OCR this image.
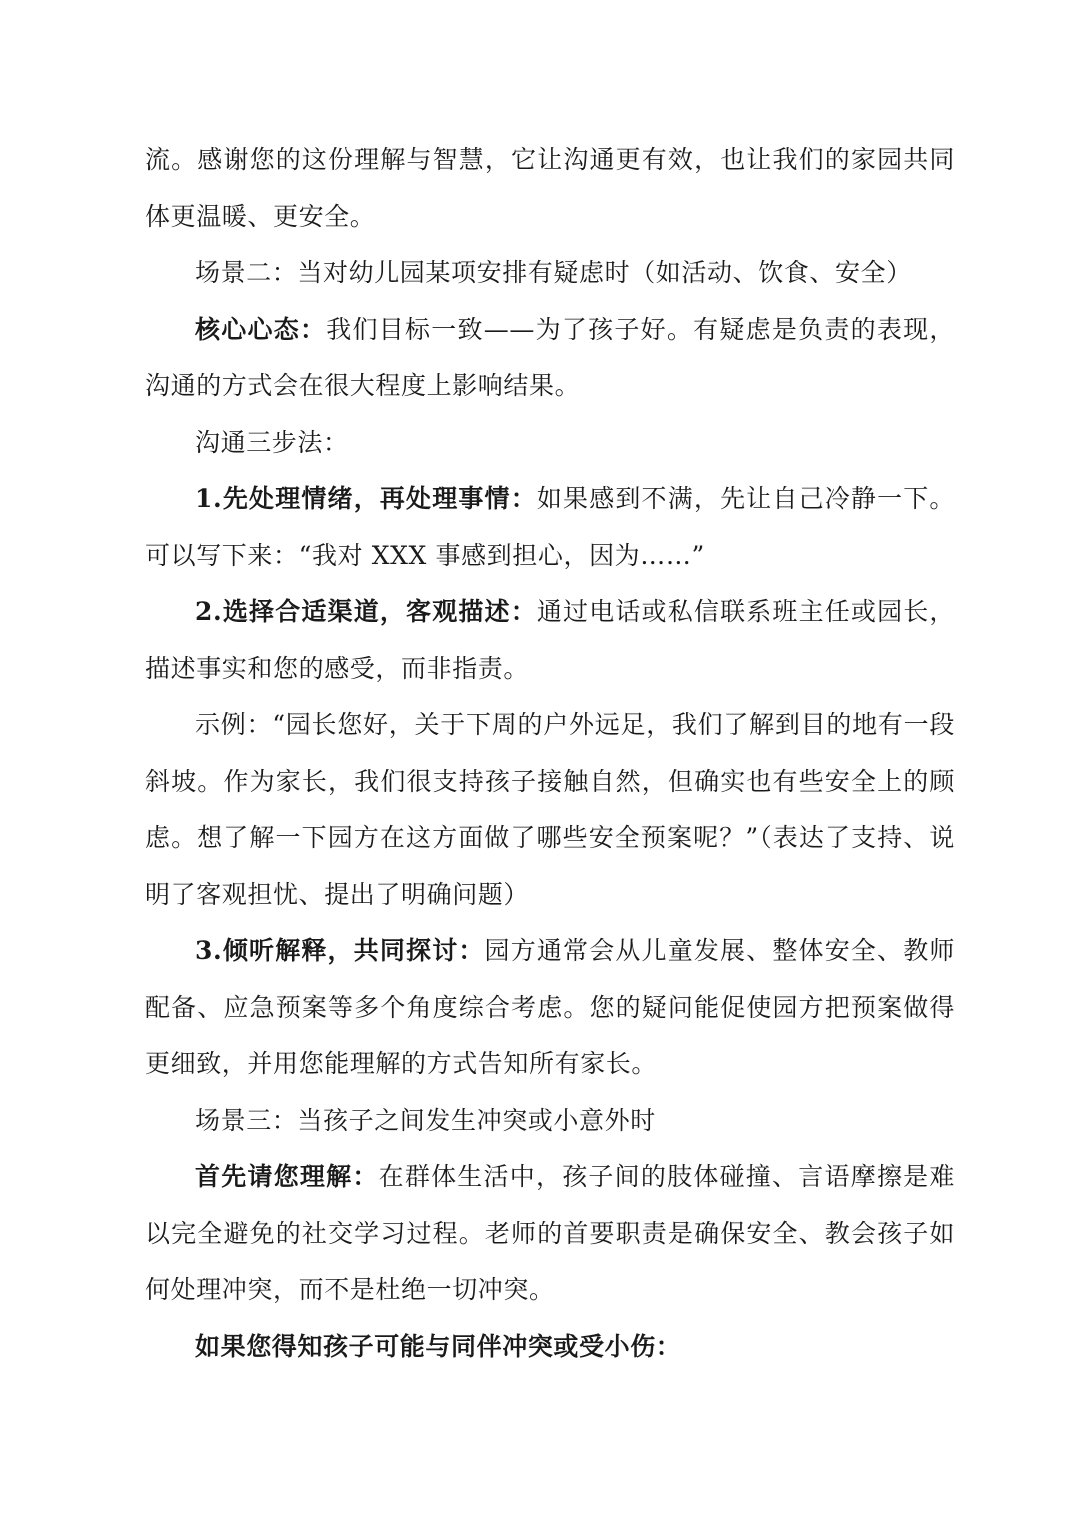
流。感谢您的这份理解与智慧，它让沟通更有效，也让我们的家园共同体更温暖、更安全。

场景二：当对幼儿园某项安排有疑虑时（如活动、饮食、安全）

核心心态：我们目标一致——为了孩子好。有疑虑是负责的表现，沟通的方式会在很大程度上影响结果。

沟通三步法：

1.先处理情绪，再处理事情：如果感到不满，先让自己冷静一下。可以写下来：“我对 XXX 事感到担心，因为……”

2.选择合适渠道，客观描述：通过电话或私信联系班主任或园长，描述事实和您的感受，而非指责。

示例：“园长您好，关于下周的户外远足，我们了解到目的地有一段斜坡。作为家长，我们很支持孩子接触自然，但确实也有些安全上的顾虑。想了解一下园方在这方面做了哪些安全预案呢？”（表达了支持、说明了客观担忧、提出了明确问题）

3.倾听解释，共同探讨：园方通常会从儿童发展、整体安全、教师配备、应急预案等多个角度综合考虑。您的疑问能促使园方把预案做得更细致，并用您能理解的方式告知所有家长。

场景三：当孩子之间发生冲突或小意外时

首先请您理解：在群体生活中，孩子间的肢体碰撞、言语摩擦是难以完全避免的社交学习过程。老师的首要职责是确保安全、教会孩子如何处理冲突，而不是杜绝一切冲突。

如果您得知孩子可能与同伴冲突或受小伤：
